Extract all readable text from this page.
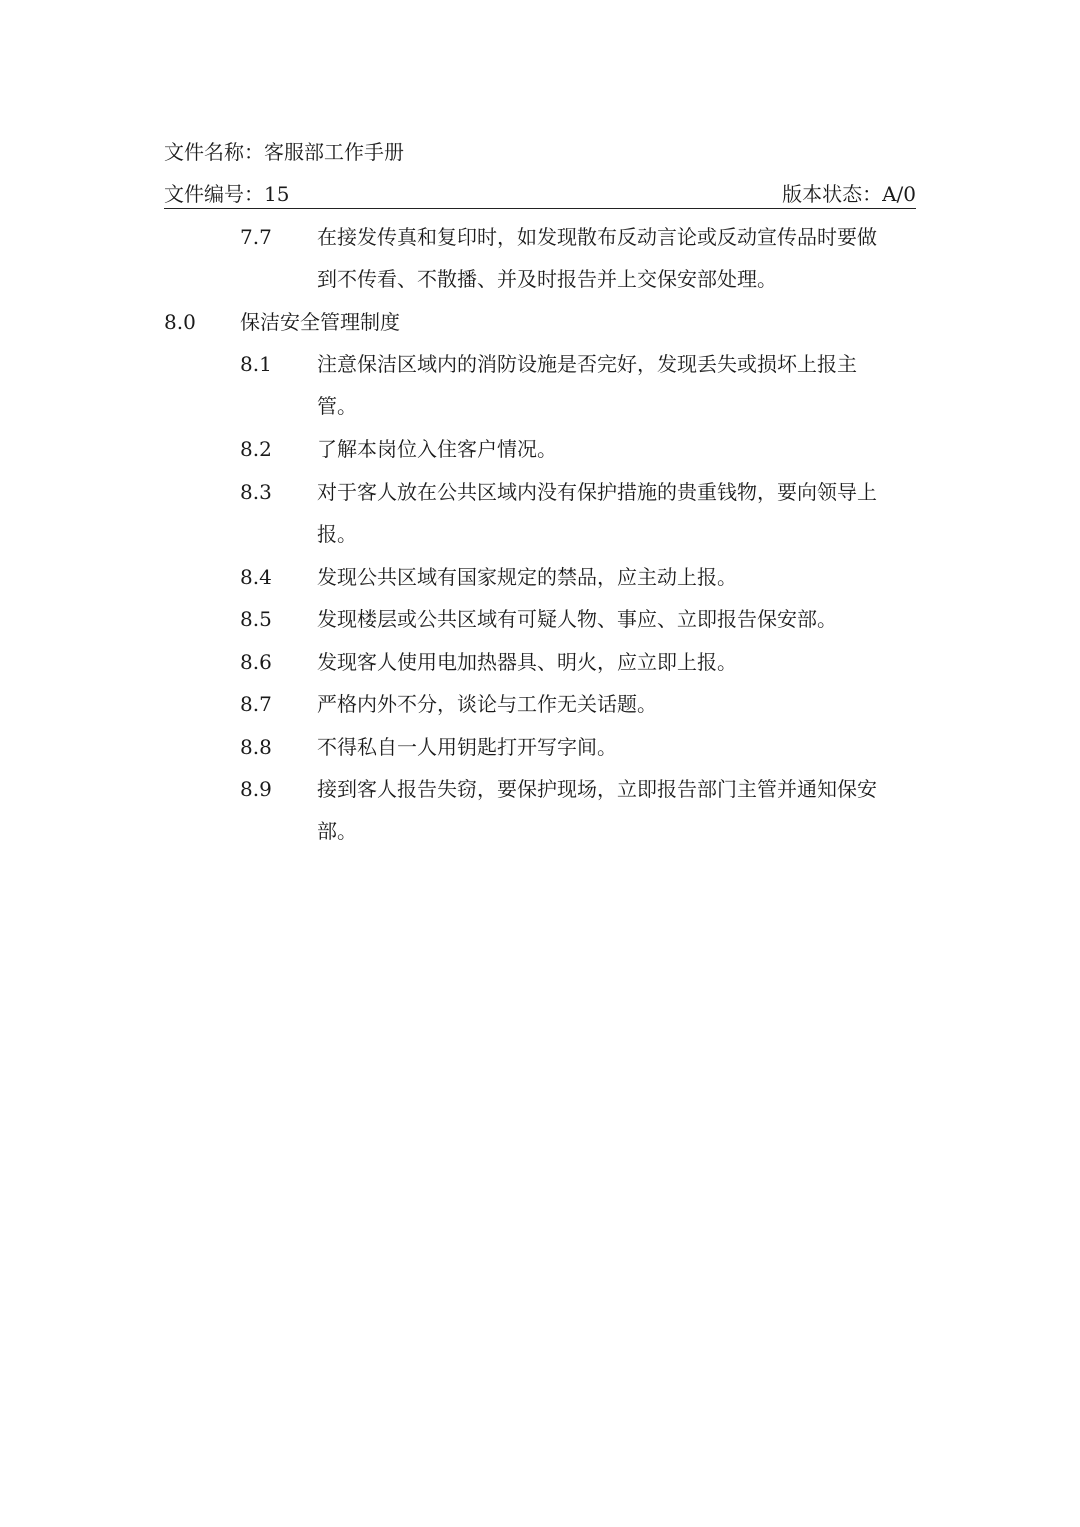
文件名称：客服部工作手册
文件编号：15	版本状态：A/0
7.7 在接发传真和复印时，如发现散布反动言论或反动宣传品时要做
到不传看、不散播、并及时报告并上交保安部处理。
8.0 保洁安全管理制度
8.1 注意保洁区域内的消防设施是否完好，发现丢失或损坏上报主
管。
8.2 了解本岗位入住客户情况。
8.3 对于客人放在公共区域内没有保护措施的贵重钱物，要向领导上
报。
8.4 发现公共区域有国家规定的禁品，应主动上报。
8.5 发现楼层或公共区域有可疑人物、事应、立即报告保安部。
8.6 发现客人使用电加热器具、明火，应立即上报。
8.7 严格内外不分，谈论与工作无关话题。
8.8 不得私自一人用钥匙打开写字间。
8.9 接到客人报告失窃，要保护现场，立即报告部门主管并通知保安
部。
